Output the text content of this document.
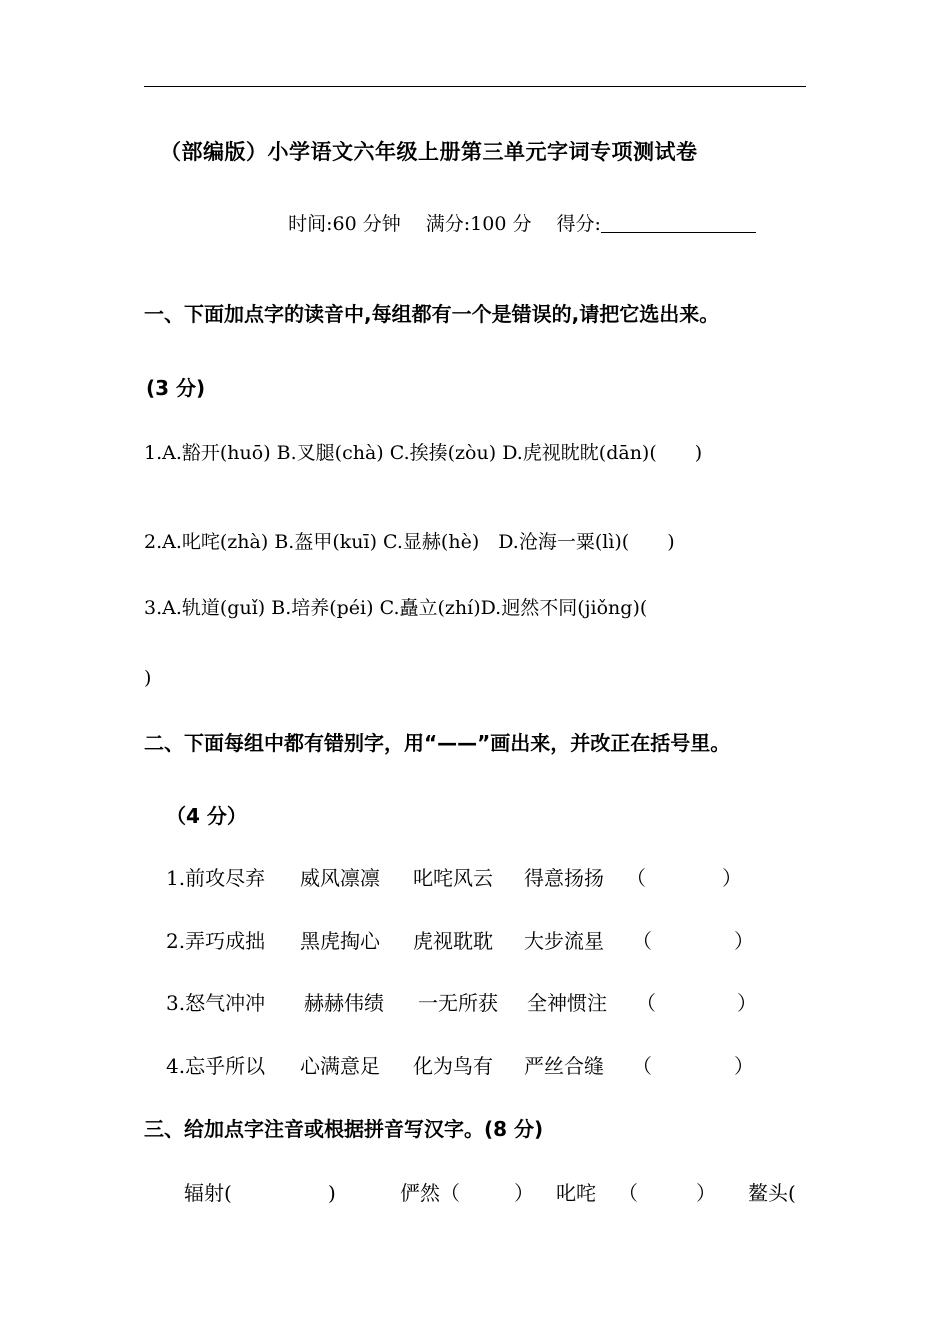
（部编版）小学语文六年级上册第三单元字词专项测试卷

时间:60 分钟　 满分:100 分　 得分:

一、下面加点字的读音中,每组都有一个是错误的,请把它选出来。
(3 分)
1.A.豁开(huō) B.叉腿(chà) C.挨揍(zòu) D.虎视眈眈(dān)(　　)
2.A.叱咤(zhà) B.盔甲(kuī) C.显赫(hè)　D.沧海一粟(lì)(　　)
3.A.轨道(guǐ) B.培养(péi) C.矗立(zhí)D.迥然不同(jiǒng)(
)
二、下面每组中都有错别字，用“——”画出来，并改正在括号里。
（4 分）
1.前攻尽弃 威风凛凛 叱咤风云 得意扬扬 （	）
2.弄巧成拙 黑虎掏心 虎视耽耽 大步流星 （	）
3.怒气冲冲 赫赫伟绩 一无所获 全神惯注 （	）
4.忘乎所以 心满意足 化为鸟有 严丝合缝 （	）
三、给加点字注音或根据拼音写汉字。(8 分)
辐射(	)	俨然（	） 叱咤 （	） 鳌头(
